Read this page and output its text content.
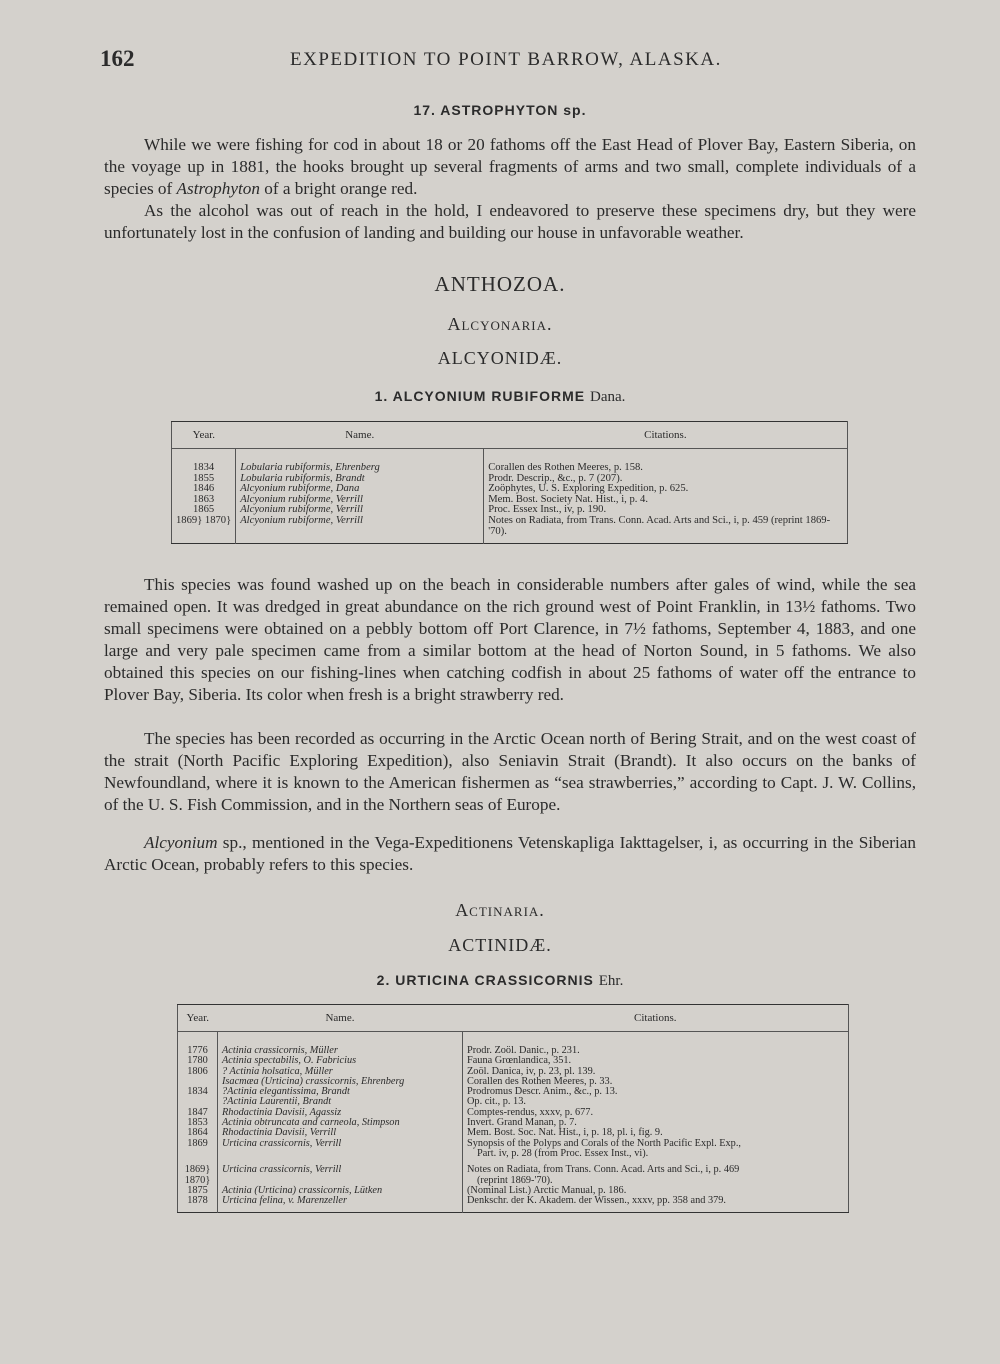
162	EXPEDITION TO POINT BARROW, ALASKA.

17. ASTROPHYTON sp.

While we were fishing for cod in about 18 or 20 fathoms off the East Head of Plover Bay, Eastern Siberia, on the voyage up in 1881, the hooks brought up several fragments of arms and two small, complete individuals of a species of Astrophyton of a bright orange red.

As the alcohol was out of reach in the hold, I endeavored to preserve these specimens dry, but they were unfortunately lost in the confusion of landing and building our house in unfavorable weather.

ANTHOZOA.

Alcyonaria.

ALCYONIDÆ.

1. ALCYONIUM RUBIFORME Dana.

Year.	Name.	Citations.

1834	Lobularia rubiformis, Ehrenberg	Corallen des Rothen Meeres, p. 158.
1855	Lobularia rubiformis, Brandt	Prodr. Descrip., &c., p. 7 (207).
1846	Alcyonium rubiforme, Dana	Zoöphytes, U. S. Exploring Expedition, p. 625.
1863	Alcyonium rubiforme, Verrill	Mem. Bost. Society Nat. Hist., i, p. 4.
1865	Alcyonium rubiforme, Verrill	Proc. Essex Inst., iv, p. 190.
1869} 1870}	Alcyonium rubiforme, Verrill	Notes on Radiata, from Trans. Conn. Acad. Arts and Sci., i, p. 459 (reprint 1869-'70).

This species was found washed up on the beach in considerable numbers after gales of wind, while the sea remained open. It was dredged in great abundance on the rich ground west of Point Franklin, in 13½ fathoms. Two small specimens were obtained on a pebbly bottom off Port Clarence, in 7½ fathoms, September 4, 1883, and one large and very pale specimen came from a similar bottom at the head of Norton Sound, in 5 fathoms. We also obtained this species on our fishing-lines when catching codfish in about 25 fathoms of water off the entrance to Plover Bay, Siberia. Its color when fresh is a bright strawberry red.

The species has been recorded as occurring in the Arctic Ocean north of Bering Strait, and on the west coast of the strait (North Pacific Exploring Expedition), also Seniavin Strait (Brandt). It also occurs on the banks of Newfoundland, where it is known to the American fishermen as “sea strawberries,” according to Capt. J. W. Collins, of the U. S. Fish Commission, and in the Northern seas of Europe.

Alcyonium sp., mentioned in the Vega-Expeditionens Vetenskapliga Iakttagelser, i, as occurring in the Siberian Arctic Ocean, probably refers to this species.

Actinaria.

ACTINIDÆ.

2. URTICINA CRASSICORNIS Ehr.

Year.	Name.	Citations.

1776	Actinia crassicornis, Müller	Prodr. Zoöl. Danic., p. 231.
1780	Actinia spectabilis, O. Fabricius	Fauna Grœnlandica, 351.
1806	? Actinia holsatica, Müller	Zoöl. Danica, iv, p. 23, pl. 139.
	Isacmæa (Urticina) crassicornis, Ehrenberg	Corallen des Rothen Meeres, p. 33.
1834	?Actinia elegantissima, Brandt	Prodromus Descr. Anim., &c., p. 13.
	?Actinia Laurentii, Brandt	Op. cit., p. 13.
1847	Rhodactinia Davisii, Agassiz	Comptes-rendus, xxxv, p. 677.
1853	Actinia obtruncata and carneola, Stimpson	Invert. Grand Manan, p. 7.
1864	Rhodactinia Davisii, Verrill	Mem. Bost. Soc. Nat. Hist., i, p. 18, pl. i, fig. 9.
1869	Urticina crassicornis, Verrill	Synopsis of the Polyps and Corals of the North Pacific Expl. Exp.,
		Part. iv, p. 28 (from Proc. Essex Inst., vi).
1869}	Urticina crassicornis, Verrill	Notes on Radiata, from Trans. Conn. Acad. Arts and Sci., i, p. 469
1870}		(reprint 1869-'70).
1875	Actinia (Urticina) crassicornis, Lütken	(Nominal List.) Arctic Manual, p. 186.
1878	Urticina felina, v. Marenzeller	Denkschr. der K. Akadem. der Wissen., xxxv, pp. 358 and 379.
